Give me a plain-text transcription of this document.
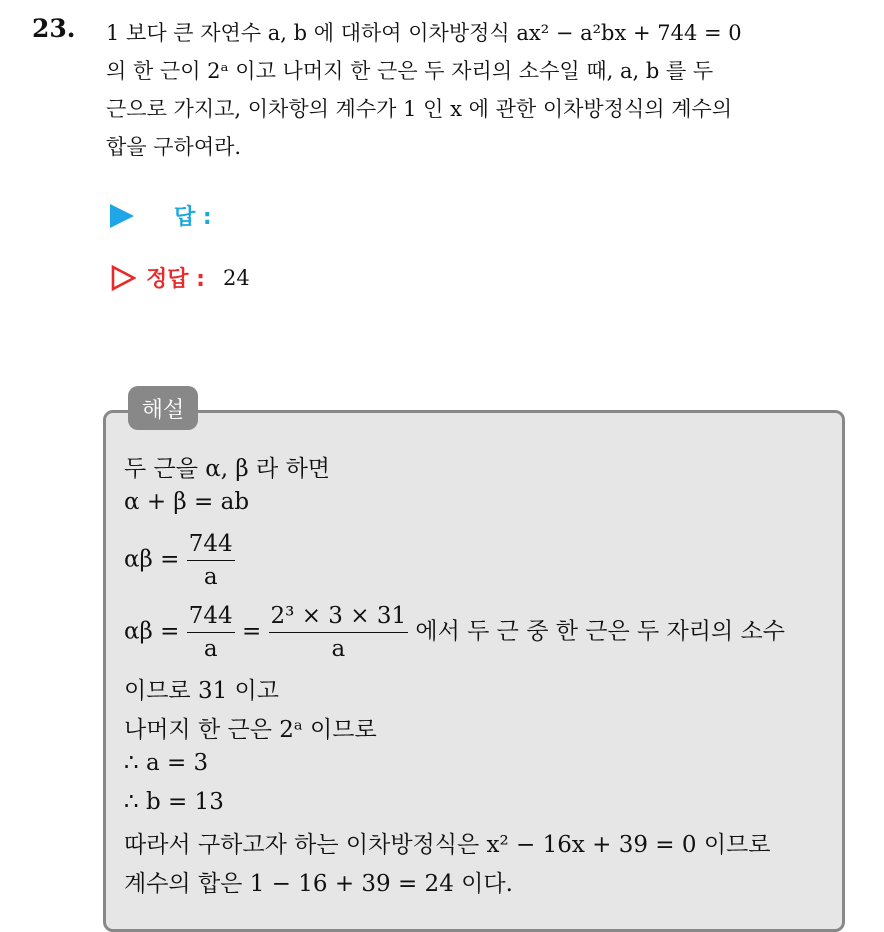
23. 1 보다 큰 자연수 a, b 에 대하여 이차방정식 ax² − a²bx + 744 = 0
의 한 근이 2ᵃ 이고 나머지 한 근은 두 자리의 소수일 때, a, b 를 두
근으로 가지고, 이차항의 계수가 1 인 x 에 관한 이차방정식의 계수의
합을 구하여라.
답 :
정답 : 24
해설
두 근을 α, β 라 하면
α + β = ab
$\alpha\beta = \frac{744}{a}$
$\alpha\beta = \frac{744}{a} = \frac{\text{2³ × 3 × 31}}{a}$ 에서 두 근 중 한 근은 두 자리의 소수
이므로 31 이고
나머지 한 근은 2ᵃ 이므로
∴ a = 3
∴ b = 13
따라서 구하고자 하는 이차방정식은 x² − 16x + 39 = 0 이므로
계수의 합은 1 − 16 + 39 = 24 이다.
